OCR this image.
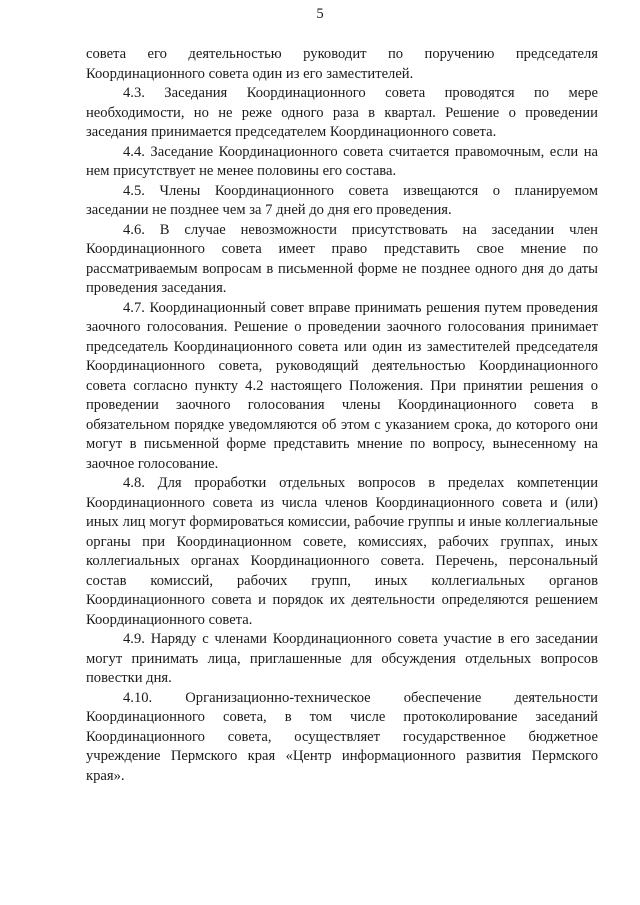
5

совета его деятельностью руководит по поручению председателя Координационного совета один из его заместителей.

4.3. Заседания Координационного совета проводятся по мере необходимости, но не реже одного раза в квартал. Решение о проведении заседания принимается председателем Координационного совета.

4.4. Заседание Координационного совета считается правомочным, если на нем присутствует не менее половины его состава.

4.5. Члены Координационного совета извещаются о планируемом заседании не позднее чем за 7 дней до дня его проведения.

4.6. В случае невозможности присутствовать на заседании член Координационного совета имеет право представить свое мнение по рассматриваемым вопросам в письменной форме не позднее одного дня до даты проведения заседания.

4.7. Координационный совет вправе принимать решения путем проведения заочного голосования. Решение о проведении заочного голосования принимает председатель Координационного совета или один из заместителей председателя Координационного совета, руководящий деятельностью Координационного совета согласно пункту 4.2 настоящего Положения. При принятии решения о проведении заочного голосования члены Координационного совета в обязательном порядке уведомляются об этом с указанием срока, до которого они могут в письменной форме представить мнение по вопросу, вынесенному на заочное голосование.

4.8. Для проработки отдельных вопросов в пределах компетенции Координационного совета из числа членов Координационного совета и (или) иных лиц могут формироваться комиссии, рабочие группы и иные коллегиальные органы при Координационном совете, комиссиях, рабочих группах, иных коллегиальных органах Координационного совета. Перечень, персональный состав комиссий, рабочих групп, иных коллегиальных органов Координационного совета и порядок их деятельности определяются решением Координационного совета.

4.9. Наряду с членами Координационного совета участие в его заседании могут принимать лица, приглашенные для обсуждения отдельных вопросов повестки дня.

4.10. Организационно-техническое обеспечение деятельности Координационного совета, в том числе протоколирование заседаний Координационного совета, осуществляет государственное бюджетное учреждение Пермского края «Центр информационного развития Пермского края».
